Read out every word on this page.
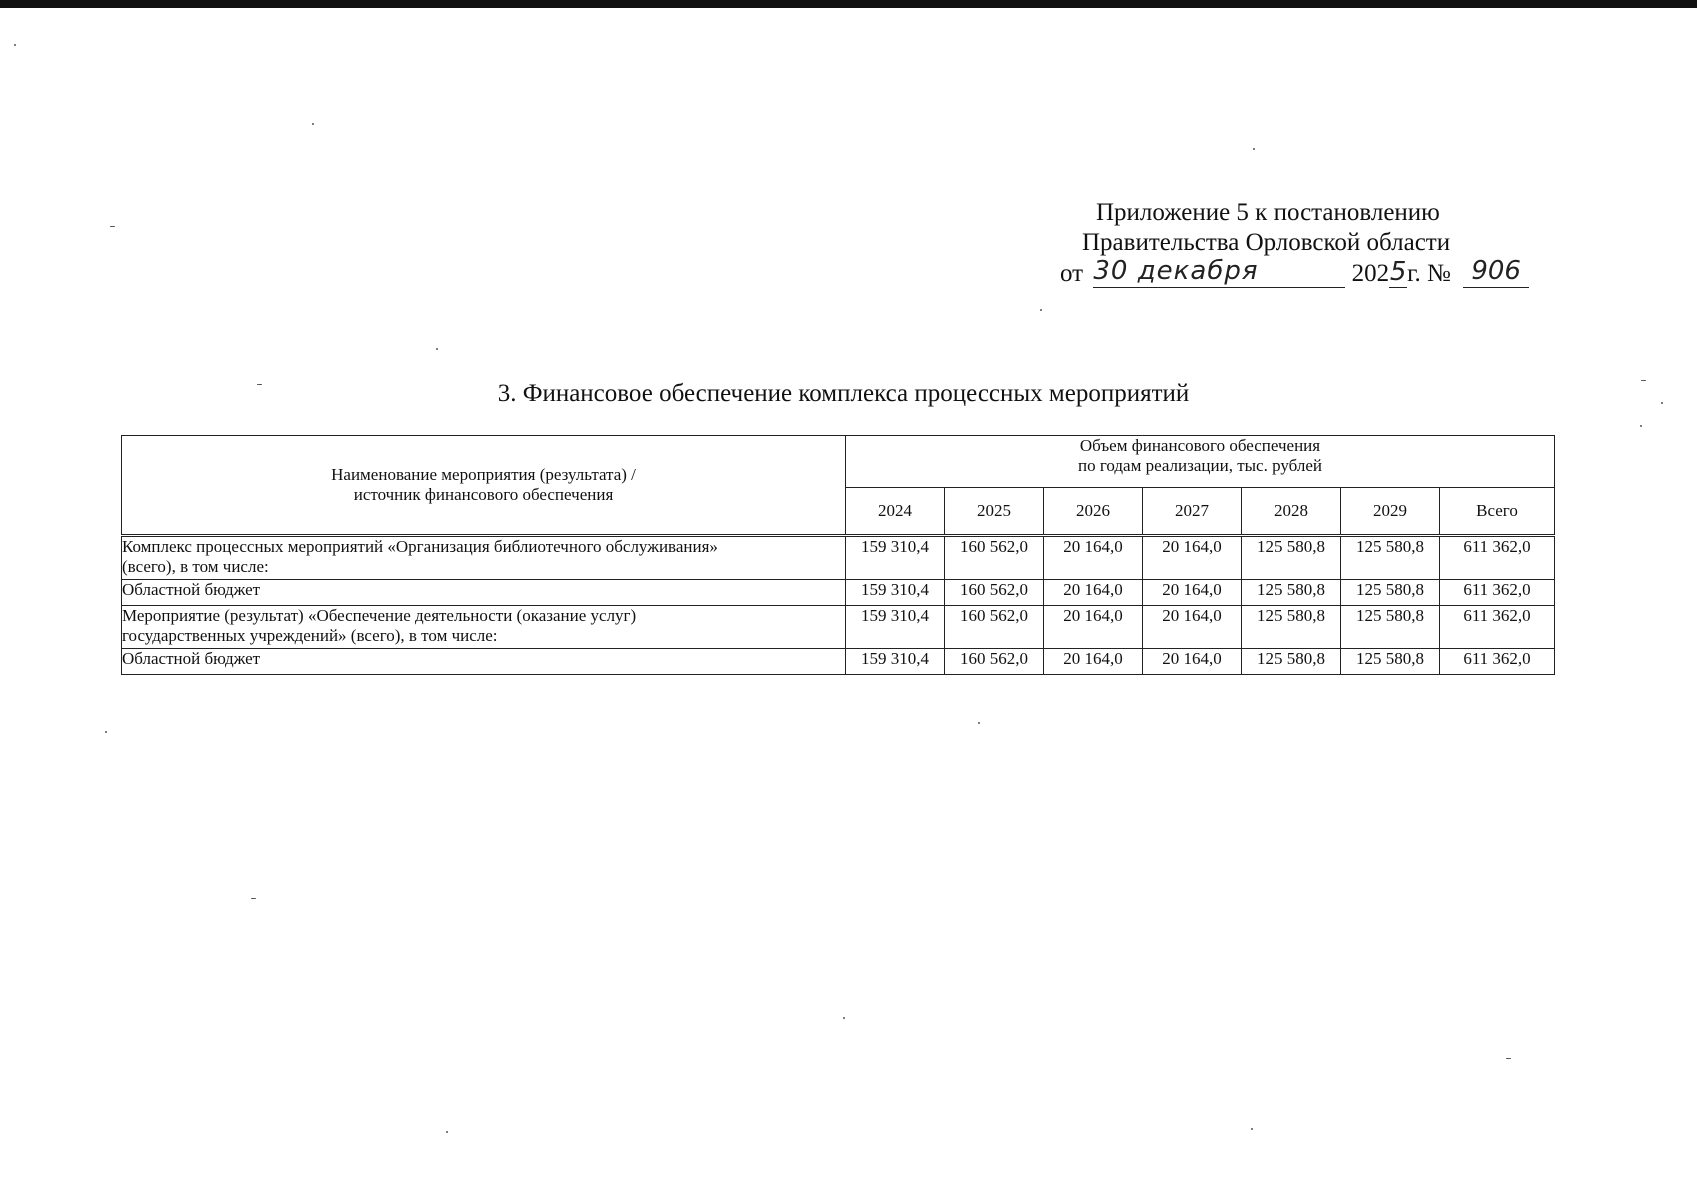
Приложение 5 к постановлению
Правительства Орловской области
от 30 декабря	2025г. № 906
3. Финансовое обеспечение комплекса процессных мероприятий
Наименование мероприятия (результата) /
источник финансового обеспечения	Объем финансового обеспечения
по годам реализации, тыс. рублей						

	2024	2025	2026	2027	2028	2029	Всего

Комплекс процессных мероприятий «Организация библиотечного обслуживания»
(всего), в том числе:	159 310,4	160 562,0	20 164,0	20 164,0	125 580,8	125 580,8	611 362,0

Областной бюджет	159 310,4	160 562,0	20 164,0	20 164,0	125 580,8	125 580,8	611 362,0

Мероприятие (результат) «Обеспечение деятельности (оказание услуг)
государственных учреждений» (всего), в том числе:	159 310,4	160 562,0	20 164,0	20 164,0	125 580,8	125 580,8	611 362,0

Областной бюджет	159 310,4	160 562,0	20 164,0	20 164,0	125 580,8	125 580,8	611 362,0
